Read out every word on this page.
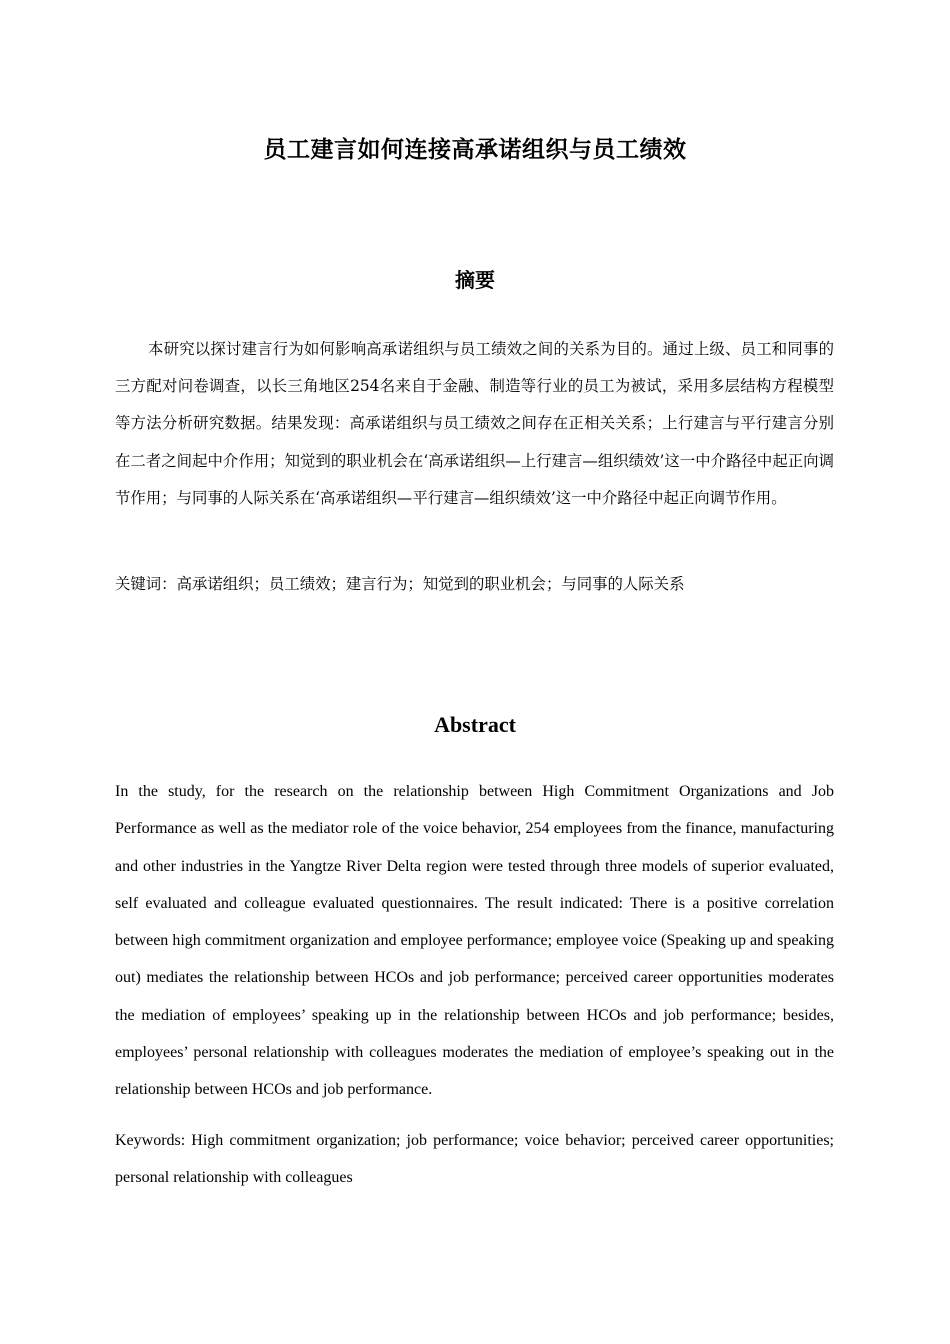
员工建言如何连接高承诺组织与员工绩效
摘要

本研究以探讨建言行为如何影响高承诺组织与员工绩效之间的关系为目的。通过上级、员工和同事的三方配对问卷调查，以长三角地区254名来自于金融、制造等行业的员工为被试，采用多层结构方程模型等方法分析研究数据。结果发现：高承诺组织与员工绩效之间存在正相关关系；上行建言与平行建言分别在二者之间起中介作用；知觉到的职业机会在‘高承诺组织—上行建言—组织绩效’这一中介路径中起正向调节作用；与同事的人际关系在‘高承诺组织—平行建言—组织绩效’这一中介路径中起正向调节作用。

关键词：高承诺组织；员工绩效；建言行为；知觉到的职业机会；与同事的人际关系

Abstract

In the study, for the research on the relationship between High Commitment Organizations and Job Performance as well as the mediator role of the voice behavior, 254 employees from the finance, manufacturing and other industries in the Yangtze River Delta region were tested through three models of superior evaluated, self evaluated and colleague evaluated questionnaires. The result indicated: There is a positive correlation between high commitment organization and employee performance; employee voice (Speaking up and speaking out) mediates the relationship between HCOs and job performance; perceived career opportunities moderates the mediation of employees’ speaking up in the relationship between HCOs and job performance; besides, employees’ personal relationship with colleagues moderates the mediation of employee’s speaking out in the relationship between HCOs and job performance.

Keywords: High commitment organization; job performance; voice behavior; perceived career opportunities; personal relationship with colleagues
